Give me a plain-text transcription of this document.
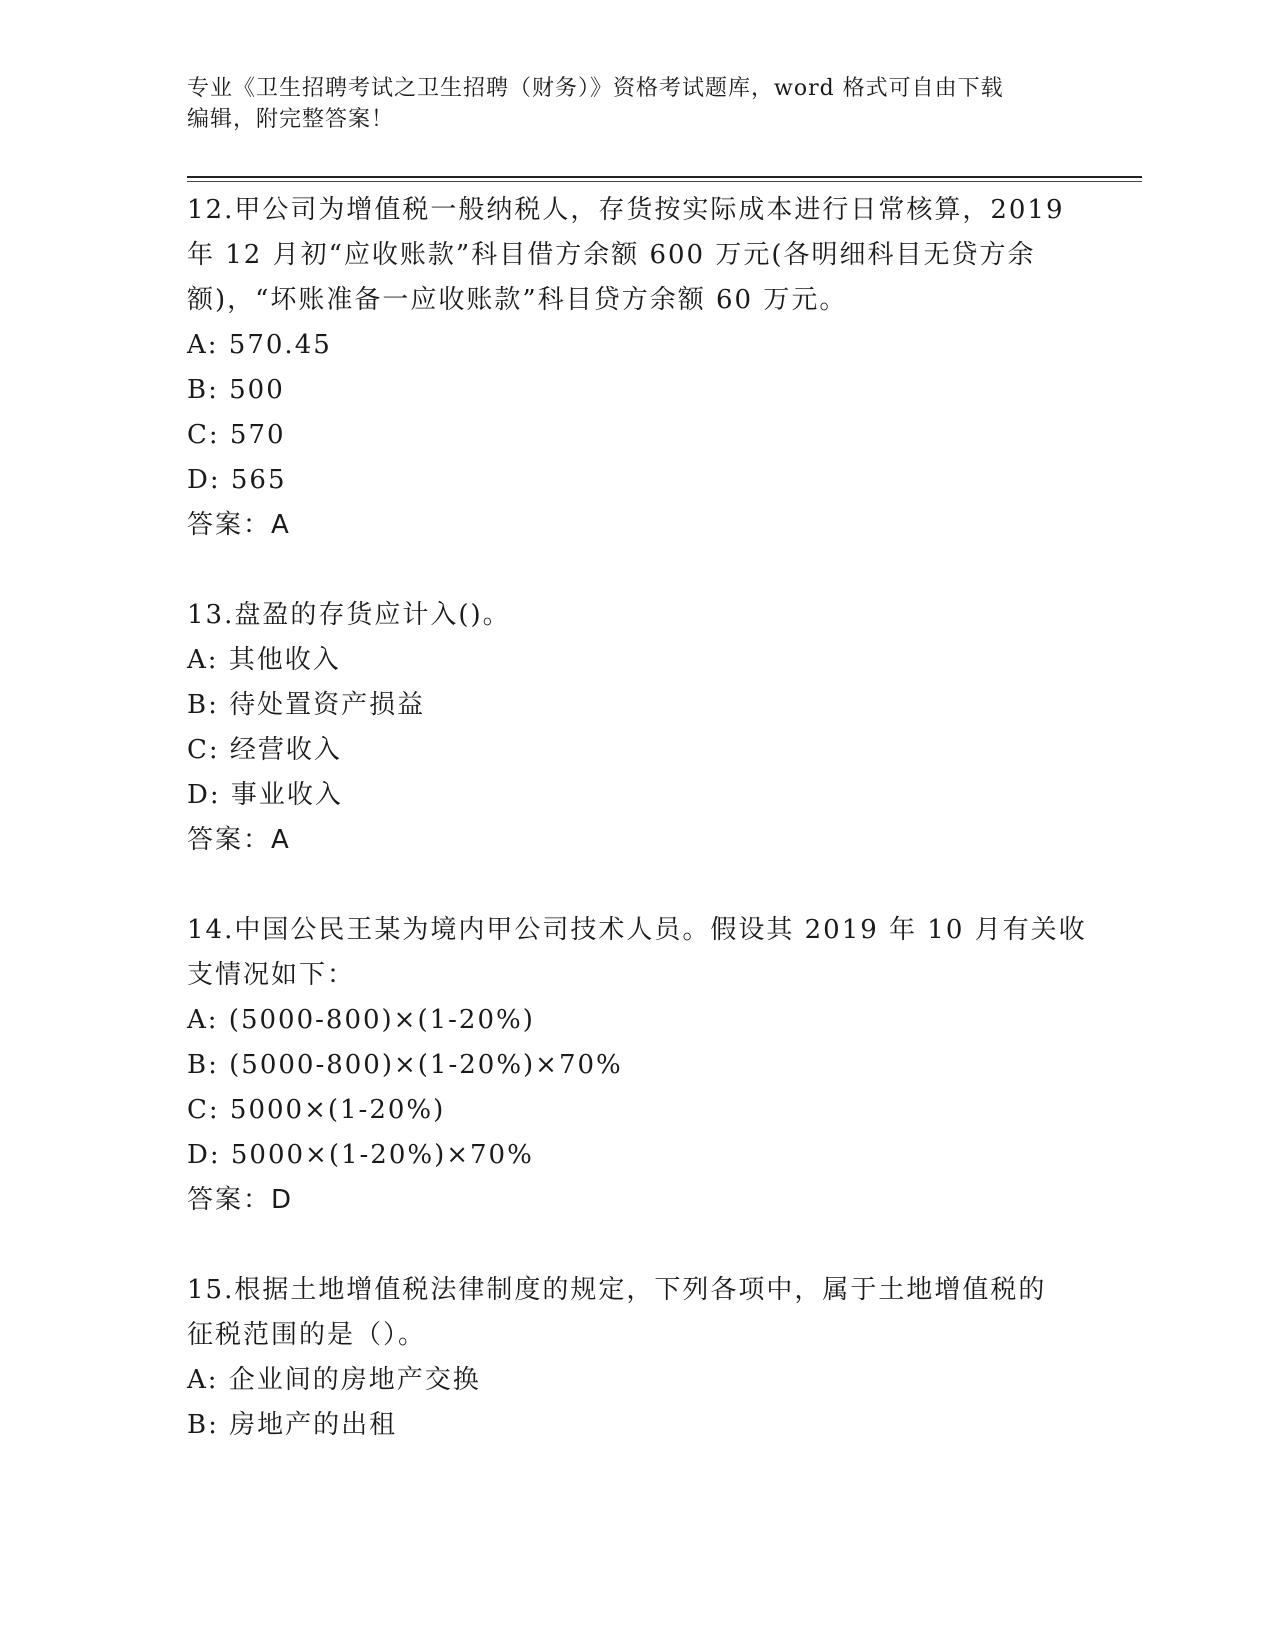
专业《卫生招聘考试之卫生招聘（财务）》资格考试题库，word 格式可自由下载
编辑，附完整答案！
12.甲公司为增值税一般纳税人，存货按实际成本进行日常核算，2019
年 12 月初“应收账款”科目借方余额 600 万元(各明细科目无贷方余
额)，“坏账准备一应收账款”科目贷方余额 60 万元。
A: 570.45
B: 500
C: 570
D: 565
答案：A
13.盘盈的存货应计入()。
A: 其他收入
B: 待处置资产损益
C: 经营收入
D: 事业收入
答案：A
14.中国公民王某为境内甲公司技术人员。假设其 2019 年 10 月有关收
支情况如下：
A: (5000-800)×(1-20%)
B: (5000-800)×(1-20%)×70%
C: 5000×(1-20%)
D: 5000×(1-20%)×70%
答案：D
15.根据土地增值税法律制度的规定，下列各项中，属于土地增值税的
征税范围的是（）。
A: 企业间的房地产交换
B: 房地产的出租
